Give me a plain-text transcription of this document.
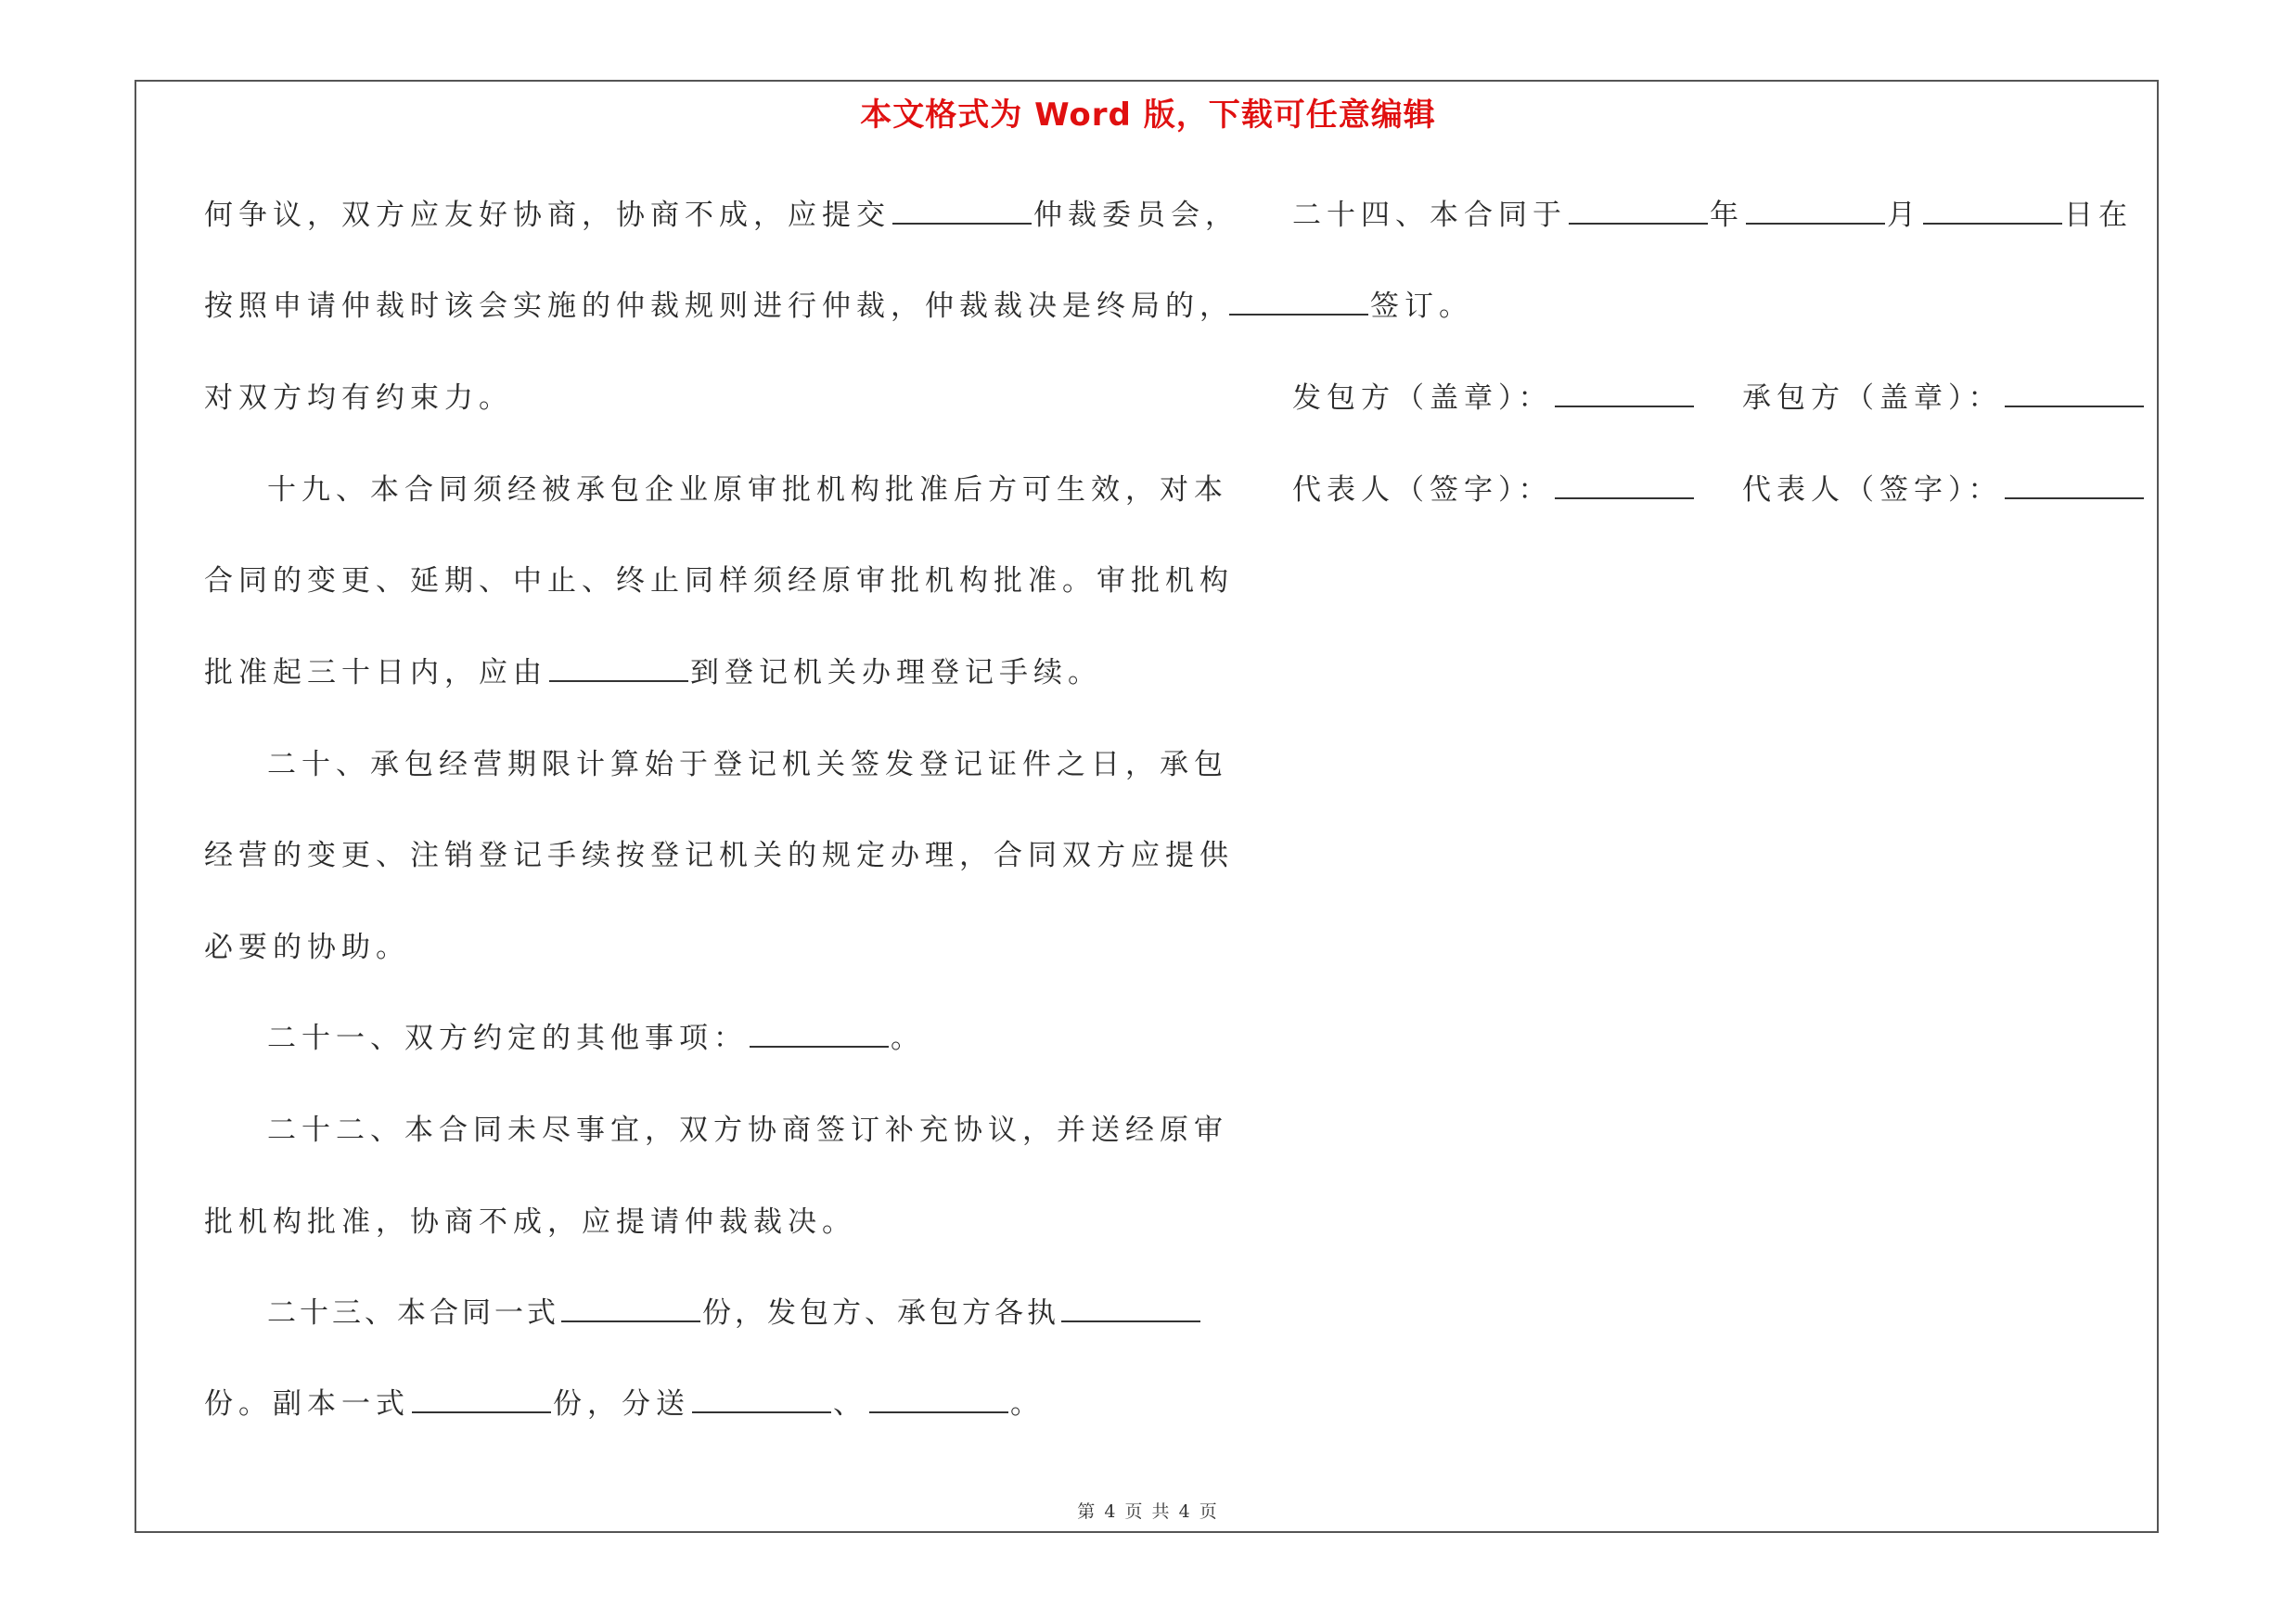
本文格式为 Word 版，下载可任意编辑
何争议，双方应友好协商，协商不成，应提交	仲裁委员会，
按照申请仲裁时该会实施的仲裁规则进行仲裁，仲裁裁决是终局的，
对双方均有约束力。
十九、本合同须经被承包企业原审批机构批准后方可生效，对本
合同的变更、延期、中止、终止同样须经原审批机构批准。审批机构
批准起三十日内，应由	到登记机关办理登记手续。
二十、承包经营期限计算始于登记机关签发登记证件之日，承包
经营的变更、注销登记手续按登记机关的规定办理，合同双方应提供
必要的协助。
二十一、双方约定的其他事项：	。
二十二、本合同未尽事宜，双方协商签订补充协议，并送经原审
批机构批准，协商不成，应提请仲裁裁决。
二十三、本合同一式	份，发包方、承包方各执
份。副本一式	份，分送	、	。
二十四、本合同于	年	月	日在
签订。
发包方（盖章）：	承包方（盖章）：
代表人（签字）：	代表人（签字）：
第 4 页 共 4 页
